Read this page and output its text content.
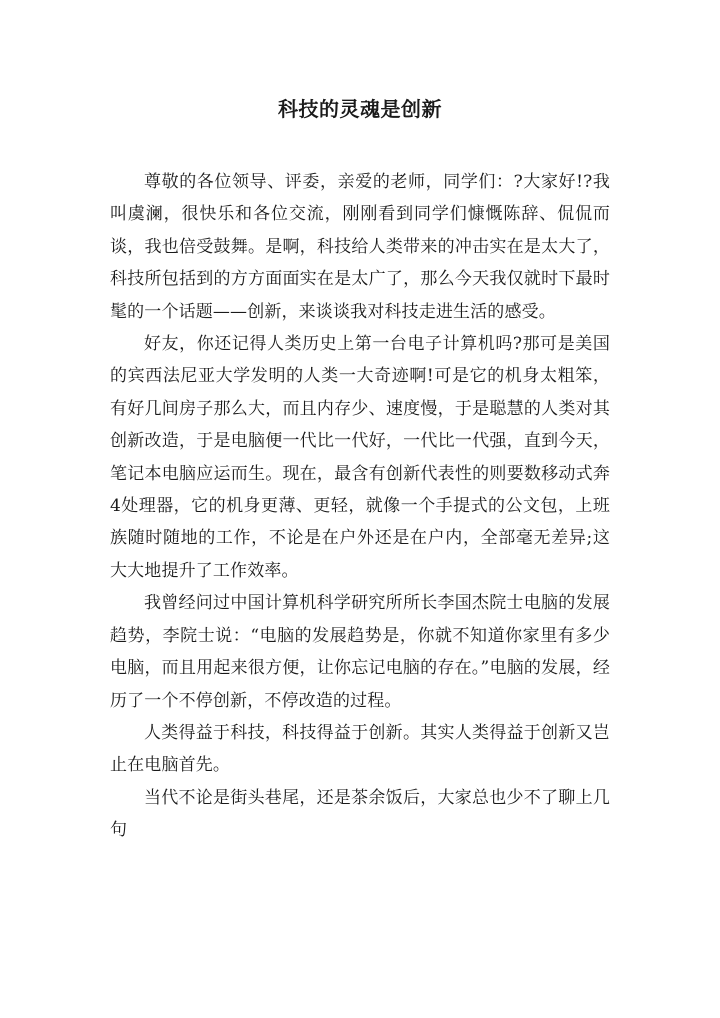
科技的灵魂是创新

尊敬的各位领导、评委，亲爱的老师，同学们：?大家好!?我叫虞澜，很快乐和各位交流，刚刚看到同学们慷慨陈辞、侃侃而谈，我也倍受鼓舞。是啊，科技给人类带来的冲击实在是太大了，科技所包括到的方方面面实在是太广了，那么今天我仅就时下最时髦的一个话题——创新，来谈谈我对科技走进生活的感受。

好友，你还记得人类历史上第一台电子计算机吗?那可是美国的宾西法尼亚大学发明的人类一大奇迹啊!可是它的机身太粗笨，有好几间房子那么大，而且内存少、速度慢，于是聪慧的人类对其创新改造，于是电脑便一代比一代好，一代比一代强，直到今天，笔记本电脑应运而生。现在，最含有创新代表性的则要数移动式奔4处理器，它的机身更薄、更轻，就像一个手提式的公文包，上班族随时随地的工作，不论是在户外还是在户内，全部毫无差异;这大大地提升了工作效率。

我曾经问过中国计算机科学研究所所长李国杰院士电脑的发展趋势，李院士说：“电脑的发展趋势是，你就不知道你家里有多少电脑，而且用起来很方便，让你忘记电脑的存在。”电脑的发展，经历了一个不停创新，不停改造的过程。

人类得益于科技，科技得益于创新。其实人类得益于创新又岂止在电脑首先。

当代不论是街头巷尾，还是茶余饭后，大家总也少不了聊上几句
